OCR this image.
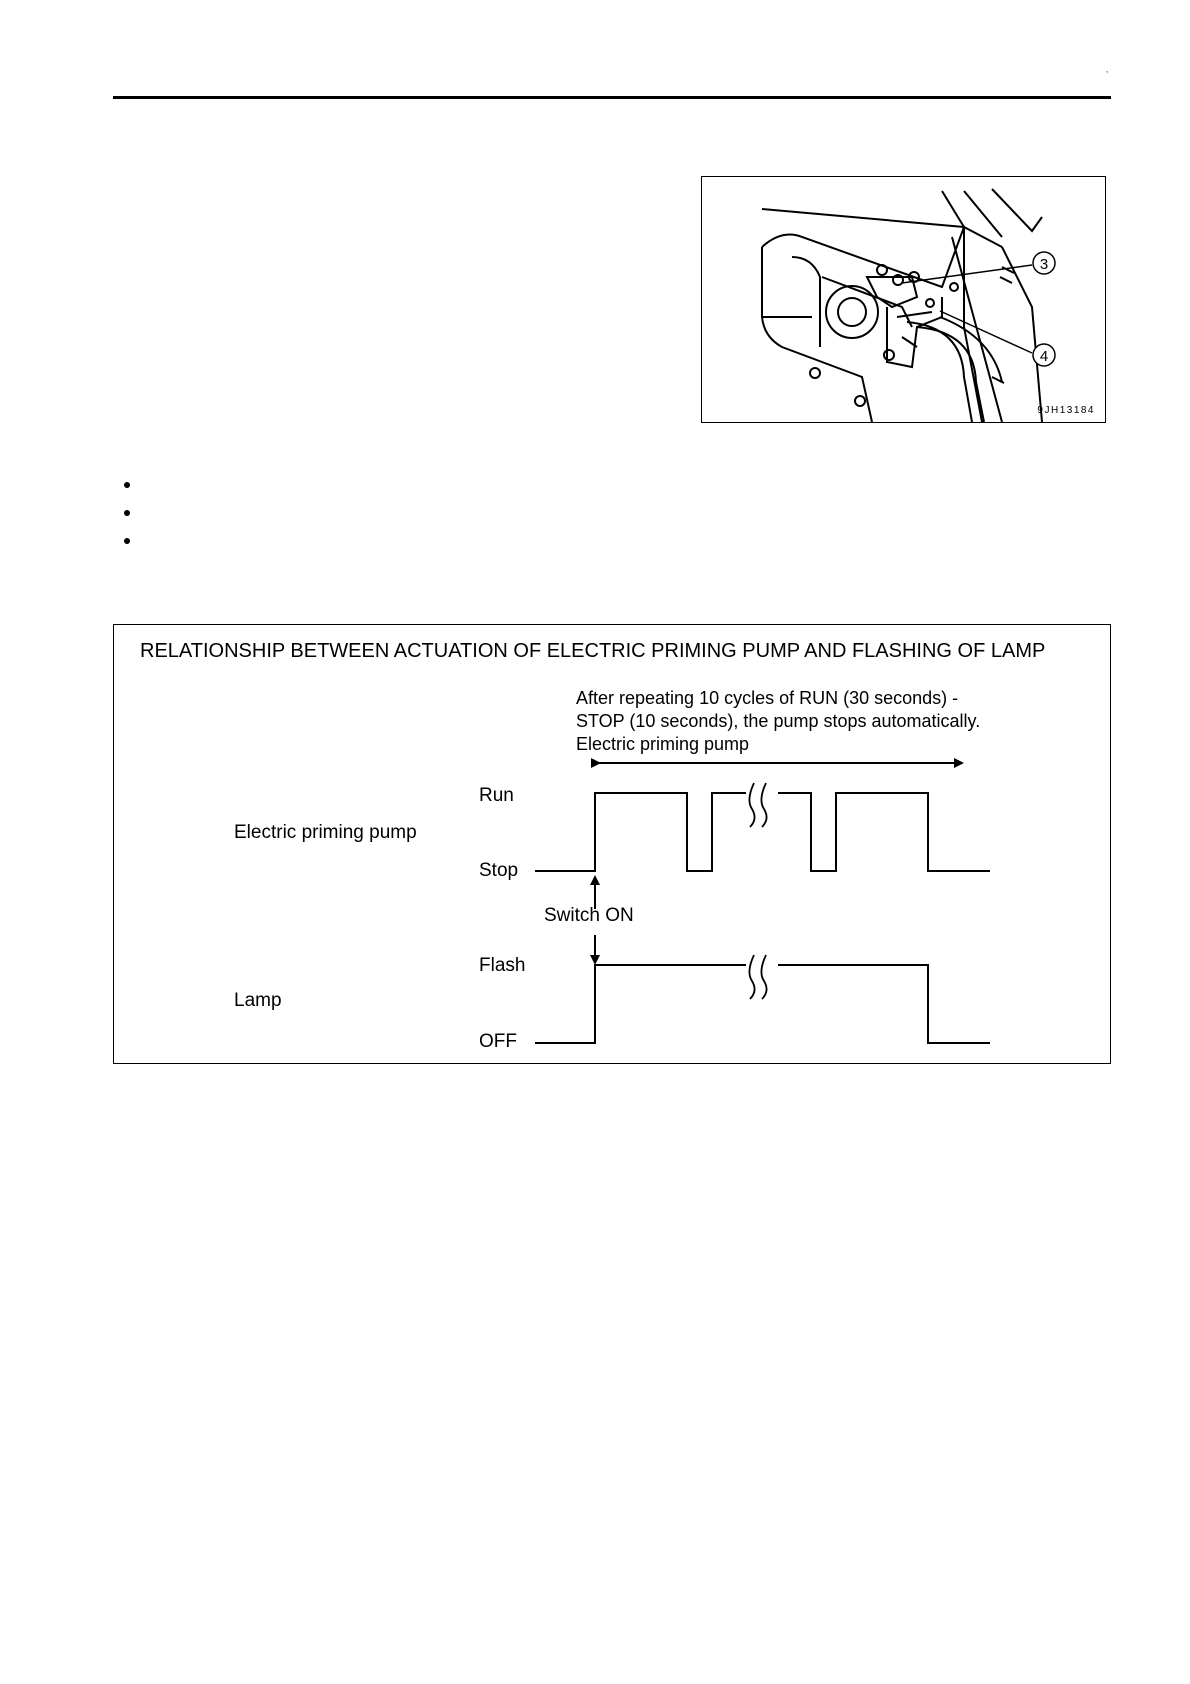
’
3
4
9JH13184
RELATIONSHIP BETWEEN ACTUATION OF ELECTRIC PRIMING PUMP AND FLASHING OF LAMP
After repeating 10 cycles of RUN (30 seconds) -
STOP (10 seconds), the pump stops automatically.
Electric priming pump
Electric priming pump
Run
Stop
Switch ON
Flash
Lamp
OFF
